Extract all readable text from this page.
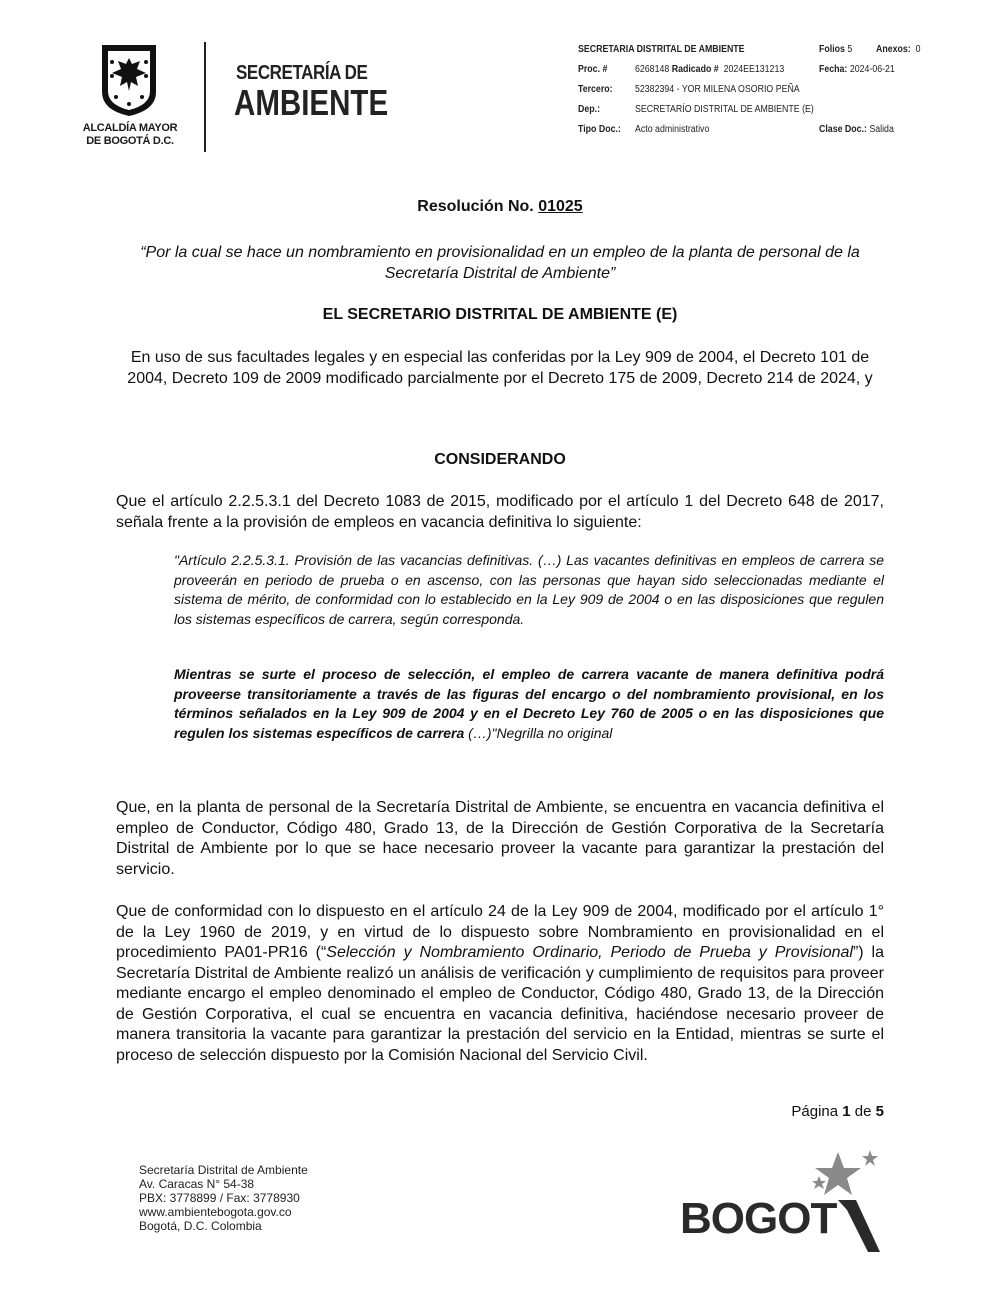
ALCALDÍA MAYOR
DE BOGOTÁ D.C.
SECRETARÍA DE
AMBIENTE
SECRETARIA DISTRITAL DE AMBIENTE	Folios 5 Anexos: 0
Proc. #	6268148 Radicado # 2024EE131213	Fecha: 2024-06-21
Tercero: 52382394 - YOR MILENA OSORIO PEÑA
Dep.:	SECRETARÍO DISTRITAL DE AMBIENTE (E)
Tipo Doc.: Acto administrativo	Clase Doc.: Salida
Resolución No. 01025
“Por la cual se hace un nombramiento en provisionalidad en un empleo de la planta de personal de la Secretaría Distrital de Ambiente”
EL SECRETARIO DISTRITAL DE AMBIENTE (E)
En uso de sus facultades legales y en especial las conferidas por la Ley 909 de 2004, el Decreto 101 de 2004, Decreto 109 de 2009 modificado parcialmente por el Decreto 175 de 2009, Decreto 214 de 2024, y
CONSIDERANDO
Que el artículo 2.2.5.3.1 del Decreto 1083 de 2015, modificado por el artículo 1 del Decreto 648 de 2017, señala frente a la provisión de empleos en vacancia definitiva lo siguiente:
"Artículo 2.2.5.3.1. Provisión de las vacancias definitivas. (…) Las vacantes definitivas en empleos de carrera se proveerán en periodo de prueba o en ascenso, con las personas que hayan sido seleccionadas mediante el sistema de mérito, de conformidad con lo establecido en la Ley 909 de 2004 o en las disposiciones que regulen los sistemas específicos de carrera, según corresponda.
Mientras se surte el proceso de selección, el empleo de carrera vacante de manera definitiva podrá proveerse transitoriamente a través de las figuras del encargo o del nombramiento provisional, en los términos señalados en la Ley 909 de 2004 y en el Decreto Ley 760 de 2005 o en las disposiciones que regulen los sistemas específicos de carrera (…)"Negrilla no original
Que, en la planta de personal de la Secretaría Distrital de Ambiente, se encuentra en vacancia definitiva el empleo de Conductor, Código 480, Grado 13, de la Dirección de Gestión Corporativa de la Secretaría Distrital de Ambiente por lo que se hace necesario proveer la vacante para garantizar la prestación del servicio.
Que de conformidad con lo dispuesto en el artículo 24 de la Ley 909 de 2004, modificado por el artículo 1° de la Ley 1960 de 2019, y en virtud de lo dispuesto sobre Nombramiento en provisionalidad en el procedimiento PA01-PR16 (“Selección y Nombramiento Ordinario, Periodo de Prueba y Provisional”) la Secretaría Distrital de Ambiente realizó un análisis de verificación y cumplimiento de requisitos para proveer mediante encargo el empleo denominado el empleo de Conductor, Código 480, Grado 13, de la Dirección de Gestión Corporativa, el cual se encuentra en vacancia definitiva, haciéndose necesario proveer de manera transitoria la vacante para garantizar la prestación del servicio en la Entidad, mientras se surte el proceso de selección dispuesto por la Comisión Nacional del Servicio Civil.
Página 1 de 5
Secretaría Distrital de Ambiente
Av. Caracas N° 54-38
PBX: 3778899 / Fax: 3778930
www.ambientebogota.gov.co
Bogotá, D.C. Colombia	BOGOT
